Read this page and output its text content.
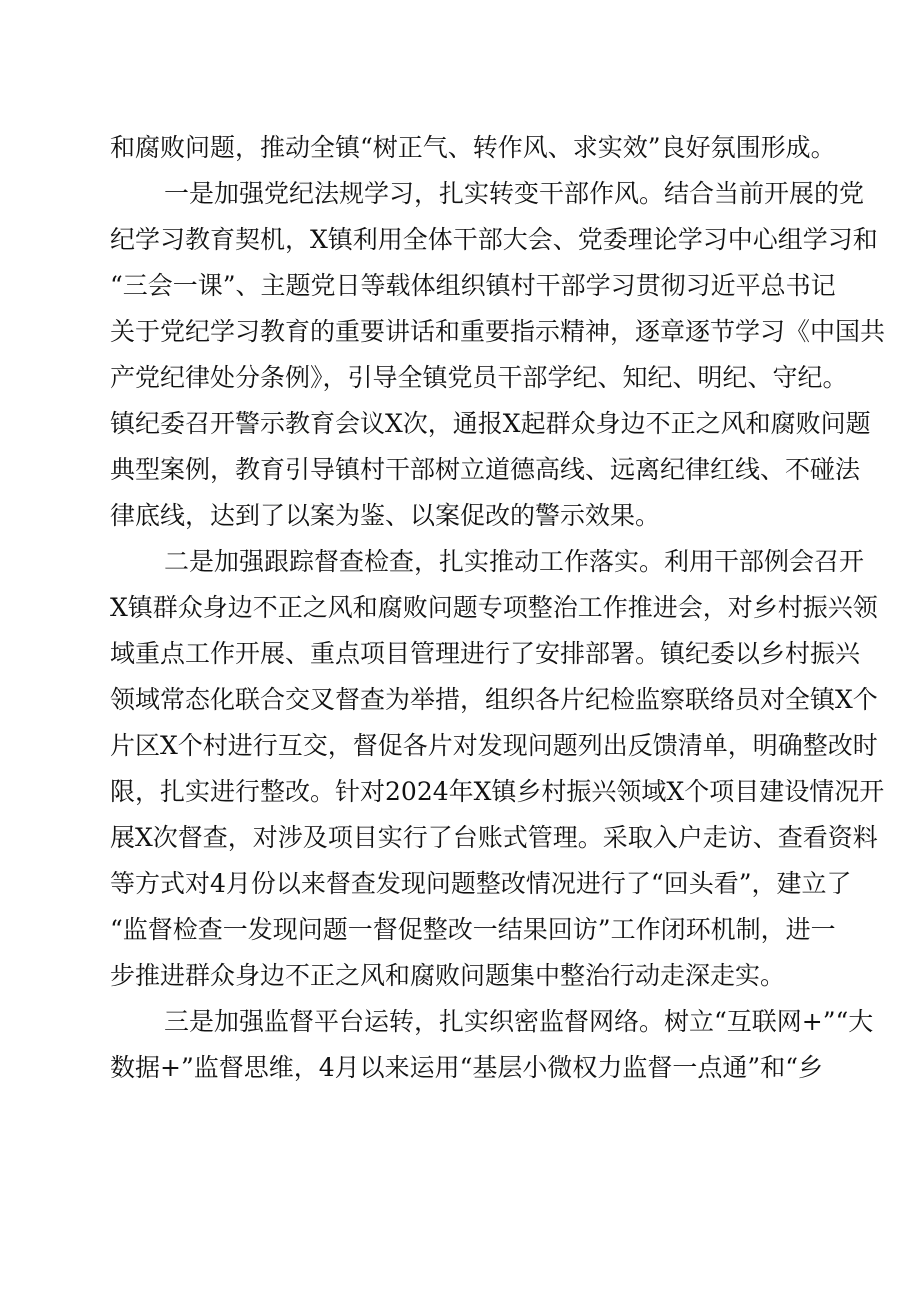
和腐败问题，推动全镇“树正气、转作风、求实效”良好氛围形成。
一是加强党纪法规学习，扎实转变干部作风。结合当前开展的党
纪学习教育契机，X镇利用全体干部大会、党委理论学习中心组学习和
“三会一课”、主题党日等载体组织镇村干部学习贯彻习近平总书记
关于党纪学习教育的重要讲话和重要指示精神，逐章逐节学习《中国共
产党纪律处分条例》，引导全镇党员干部学纪、知纪、明纪、守纪。
镇纪委召开警示教育会议X次，通报X起群众身边不正之风和腐败问题
典型案例，教育引导镇村干部树立道德高线、远离纪律红线、不碰法
律底线，达到了以案为鉴、以案促改的警示效果。
二是加强跟踪督查检查，扎实推动工作落实。利用干部例会召开
X镇群众身边不正之风和腐败问题专项整治工作推进会，对乡村振兴领
域重点工作开展、重点项目管理进行了安排部署。镇纪委以乡村振兴
领域常态化联合交叉督查为举措，组织各片纪检监察联络员对全镇X个
片区X个村进行互交，督促各片对发现问题列出反馈清单，明确整改时
限，扎实进行整改。针对2024年X镇乡村振兴领域X个项目建设情况开
展X次督查，对涉及项目实行了台账式管理。采取入户走访、查看资料
等方式对4月份以来督查发现问题整改情况进行了“回头看”，建立了
“监督检查一发现问题一督促整改一结果回访”工作闭环机制，进一
步推进群众身边不正之风和腐败问题集中整治行动走深走实。
三是加强监督平台运转，扎实织密监督网络。树立“互联网+”“大
数据+”监督思维，4月以来运用“基层小微权力监督一点通”和“乡
